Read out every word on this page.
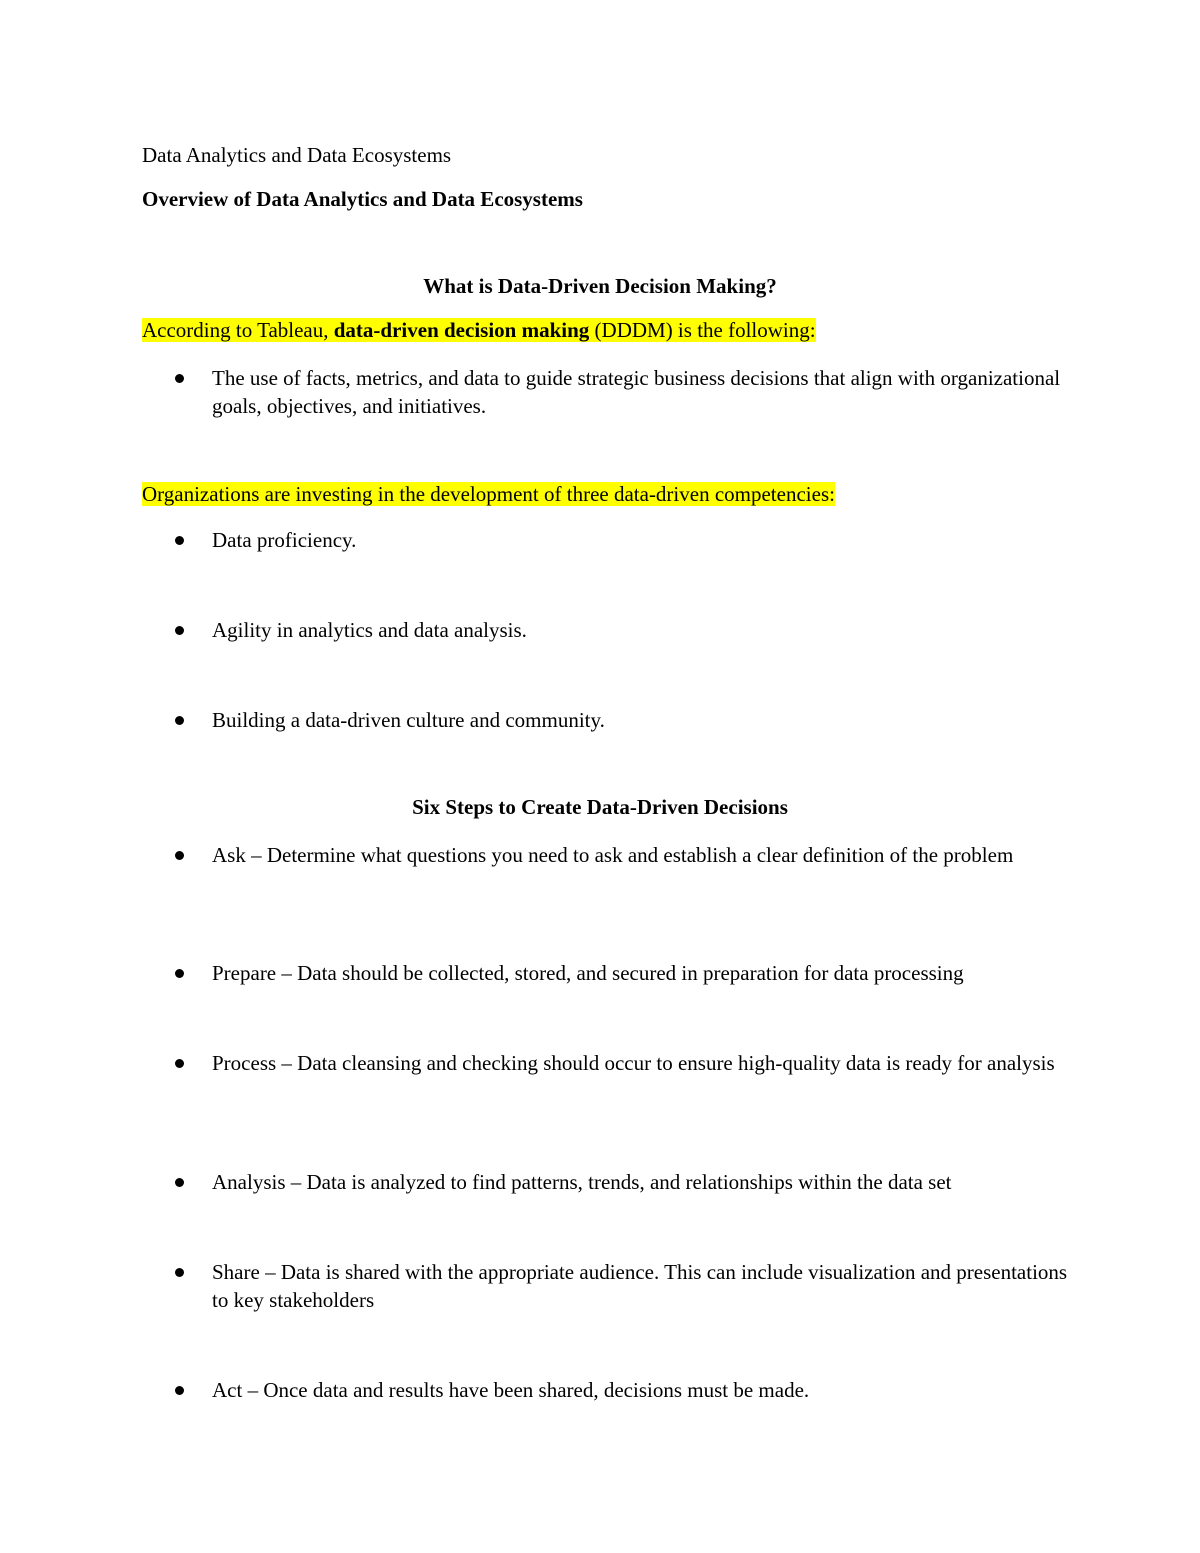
Data Analytics and Data Ecosystems
Overview of Data Analytics and Data Ecosystems
What is Data-Driven Decision Making?
According to Tableau, data-driven decision making (DDDM) is the following:
The use of facts, metrics, and data to guide strategic business decisions that align with organizational goals, objectives, and initiatives.
Organizations are investing in the development of three data-driven competencies:
Data proficiency.
Agility in analytics and data analysis.
Building a data-driven culture and community.
Six Steps to Create Data-Driven Decisions
Ask – Determine what questions you need to ask and establish a clear definition of the problem
Prepare – Data should be collected, stored, and secured in preparation for data processing
Process – Data cleansing and checking should occur to ensure high-quality data is ready for analysis
Analysis – Data is analyzed to find patterns, trends, and relationships within the data set
Share – Data is shared with the appropriate audience. This can include visualization and presentations to key stakeholders
Act – Once data and results have been shared, decisions must be made.
